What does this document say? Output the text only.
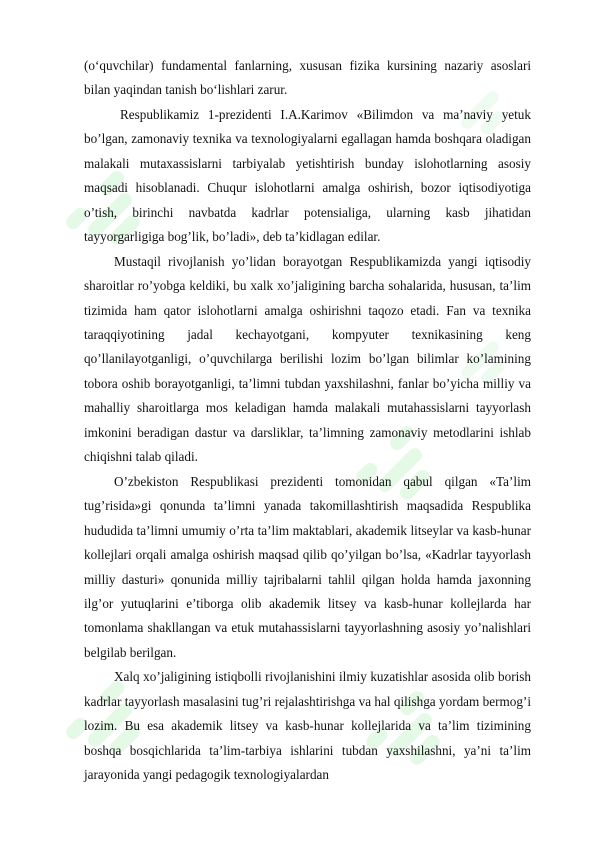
(o‘quvchilar) fundamental fanlarning, xususan fizika kursining nazariy asoslari bilan yaqindan tanish bo‘lishlari zarur.

Respublikamiz 1-prezidenti I.A.Karimov «Bilimdon va ma’naviy yetuk bo’lgan, zamonaviy texnika va texnologiyalarni egallagan hamda boshqara oladigan malakali mutaxassislarni tarbiyalab yetishtirish bunday islohotlarning asosiy maqsadi hisoblanadi. Chuqur islohotlarni amalga oshirish, bozor iqtisodiyotiga o’tish, birinchi navbatda kadrlar potensialiga, ularning kasb jihatidan tayyorgarligiga bog’lik, bo’ladi», deb ta’kidlagan edilar.

Mustaqil rivojlanish yo’lidan borayotgan Respublikamizda yangi iqtisodiy sharoitlar ro’yobga keldiki, bu xalk xo’jaligining barcha sohalarida, hususan, ta’lim tizimida ham qator islohotlarni amalga oshirishni taqozo etadi. Fan va texnika taraqqiyotining jadal kechayotgani, kompyuter texnikasining keng qo’llanilayotganligi, o’quvchilarga berilishi lozim bo’lgan bilimlar ko’lamining tobora oshib borayotganligi, ta’limni tubdan yaxshilashni, fanlar bo’yicha milliy va mahalliy sharoitlarga mos keladigan hamda malakali mutahassislarni tayyorlash imkonini beradigan dastur va darsliklar, ta’limning zamonaviy metodlarini ishlab chiqishni talab qiladi.

O’zbekiston Respublikasi prezidenti tomonidan qabul qilgan «Ta’lim tug’risida»gi qonunda ta’limni yanada takomillashtirish maqsadida Respublika hududida ta’limni umumiy o’rta ta’lim maktablari, akademik litseylar va kasb-hunar kollejlari orqali amalga oshirish maqsad qilib qo’yilgan bo’lsa, «Kadrlar tayyorlash milliy dasturi» qonunida milliy tajribalarni tahlil qilgan holda hamda jaxonning ilg’or yutuqlarini e’tiborga olib akademik litsey va kasb-hunar kollejlarda har tomonlama shakllangan va etuk mutahassislarni tayyorlashning asosiy yo’nalishlari belgilab berilgan.

Xalq xo’jaligining istiqbolli rivojlanishini ilmiy kuzatishlar asosida olib borish kadrlar tayyorlash masalasini tug’ri rejalashtirishga va hal qilishga yordam bermog’i lozim. Bu esa akademik litsey va kasb-hunar kollejlarida va ta’lim tizimining boshqa bosqichlarida ta’lim-tarbiya ishlarini tubdan yaxshilashni, ya’ni ta’lim jarayonida yangi pedagogik texnologiyalardan
